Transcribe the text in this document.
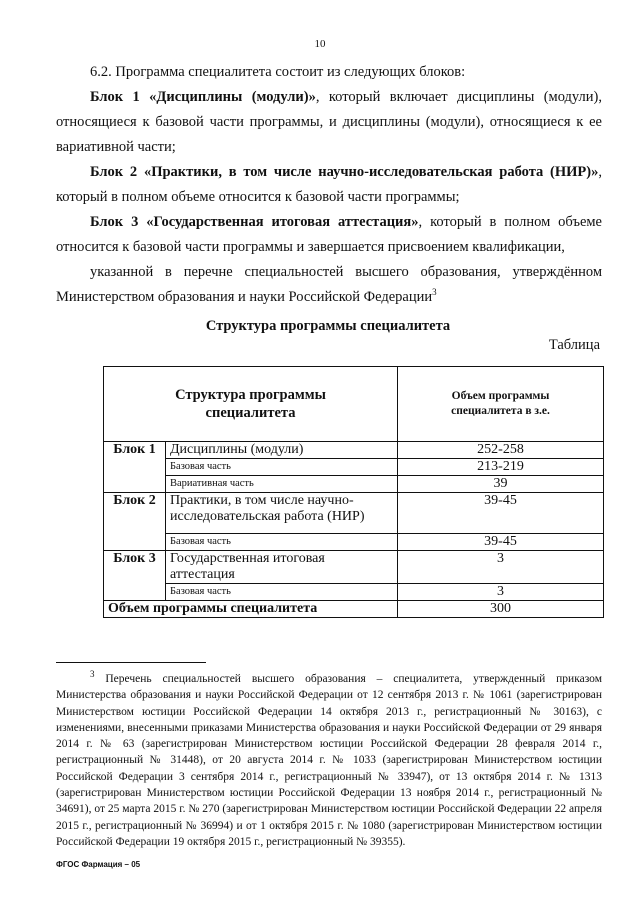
10

6.2. Программа специалитета состоит из следующих блоков:

Блок 1 «Дисциплины (модули)», который включает дисциплины (модули), относящиеся к базовой части программы, и дисциплины (модули), относящиеся к ее вариативной части;

Блок 2 «Практики, в том числе научно-исследовательская работа (НИР)», который в полном объеме относится к базовой части программы;

Блок 3 «Государственная итоговая аттестация», который в полном объеме относится к базовой части программы и завершается присвоением квалификации,
указанной в перечне специальностей высшего образования, утверждённом
Министерством образования и науки Российской Федерации$^3$

Структура программы специалитета
Таблица
Структура программы специалитета		Объем программы специалитета в з.е.

Блок 1	Дисциплины (модули)	252-258
	Базовая часть	213-219
	Вариативная часть	39
Блок 2	Практики, в том числе научно-исследовательская работа (НИР)	39-45
	Базовая часть	39-45
Блок 3	Государственная итоговая аттестация	3
	Базовая часть	3
Объем программы специалитета		300

$^3$ Перечень специальностей высшего образования – специалитета, утвержденный приказом Министерства образования и науки Российской Федерации от 12 сентября 2013 г. № 1061 (зарегистрирован Министерством юстиции Российской Федерации 14 октября 2013 г., регистрационный № 30163), с изменениями, внесенными приказами Министерства образования и науки Российской Федерации от 29 января 2014 г. № 63 (зарегистрирован Министерством юстиции Российской Федерации 28 февраля 2014 г., регистрационный № 31448), от 20 августа 2014 г. № 1033 (зарегистрирован Министерством юстиции Российской Федерации 3 сентября 2014 г., регистрационный № 33947), от 13 октября 2014 г. № 1313 (зарегистрирован Министерством юстиции Российской Федерации 13 ноября 2014 г., регистрационный № 34691), от 25 марта 2015 г. № 270 (зарегистрирован Министерством юстиции Российской Федерации 22 апреля 2015 г., регистрационный № 36994) и от 1 октября 2015 г. № 1080 (зарегистрирован Министерством юстиции Российской Федерации 19 октября 2015 г., регистрационный № 39355).

ФГОС Фармация – 05
